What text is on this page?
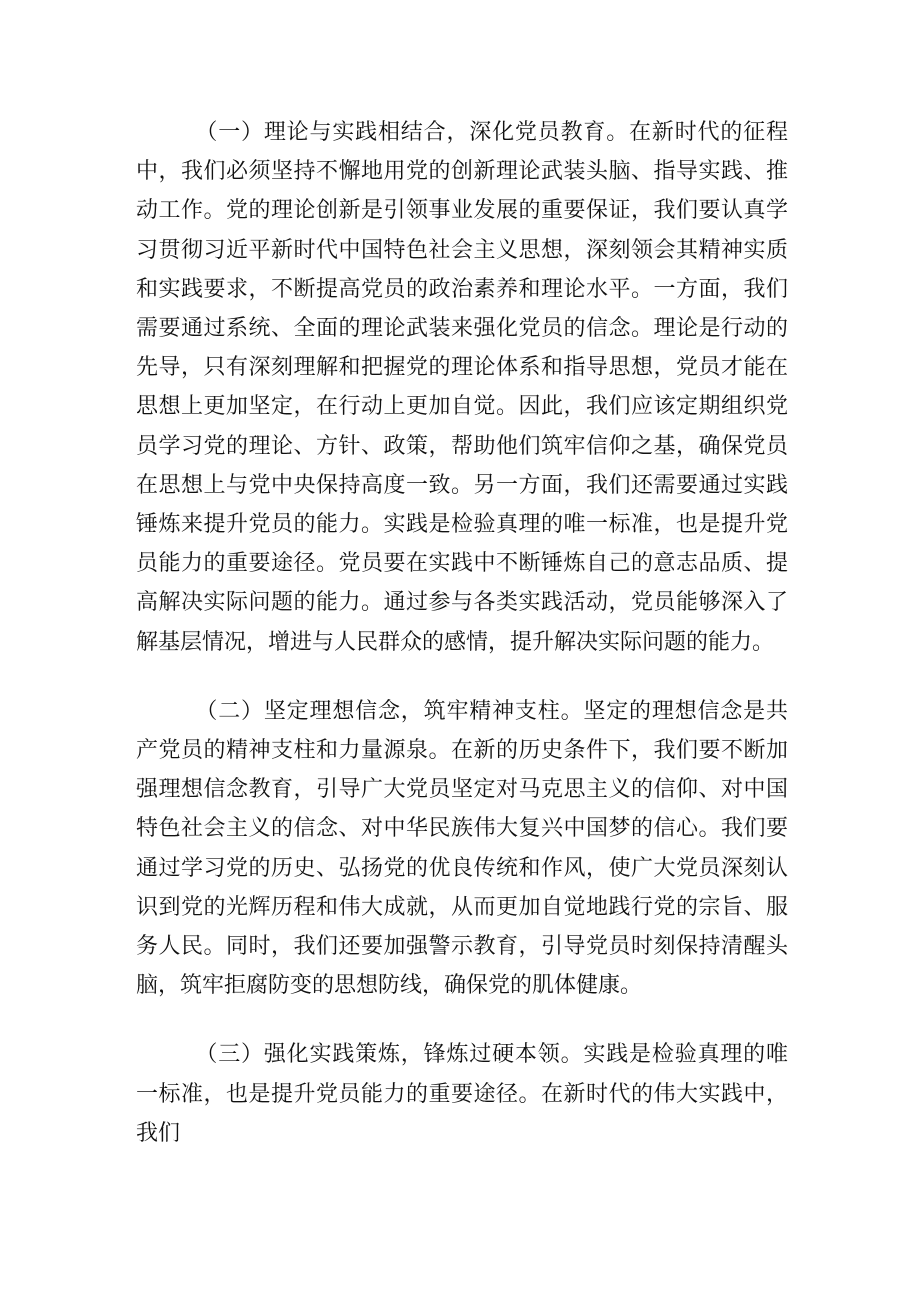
（一）理论与实践相结合，深化党员教育。在新时代的征程中，我们必须坚持不懈地用党的创新理论武装头脑、指导实践、推动工作。党的理论创新是引领事业发展的重要保证，我们要认真学习贯彻习近平新时代中国特色社会主义思想，深刻领会其精神实质和实践要求，不断提高党员的政治素养和理论水平。一方面，我们需要通过系统、全面的理论武装来强化党员的信念。理论是行动的先导，只有深刻理解和把握党的理论体系和指导思想，党员才能在思想上更加坚定，在行动上更加自觉。因此，我们应该定期组织党员学习党的理论、方针、政策，帮助他们筑牢信仰之基，确保党员在思想上与党中央保持高度一致。另一方面，我们还需要通过实践锤炼来提升党员的能力。实践是检验真理的唯一标准，也是提升党员能力的重要途径。党员要在实践中不断锤炼自己的意志品质、提高解决实际问题的能力。通过参与各类实践活动，党员能够深入了解基层情况，增进与人民群众的感情，提升解决实际问题的能力。

（二）坚定理想信念，筑牢精神支柱。坚定的理想信念是共产党员的精神支柱和力量源泉。在新的历史条件下，我们要不断加强理想信念教育，引导广大党员坚定对马克思主义的信仰、对中国特色社会主义的信念、对中华民族伟大复兴中国梦的信心。我们要通过学习党的历史、弘扬党的优良传统和作风，使广大党员深刻认识到党的光辉历程和伟大成就，从而更加自觉地践行党的宗旨、服务人民。同时，我们还要加强警示教育，引导党员时刻保持清醒头脑，筑牢拒腐防变的思想防线，确保党的肌体健康。

（三）强化实践策炼，锋炼过硬本领。实践是检验真理的唯一标准，也是提升党员能力的重要途径。在新时代的伟大实践中，我们
